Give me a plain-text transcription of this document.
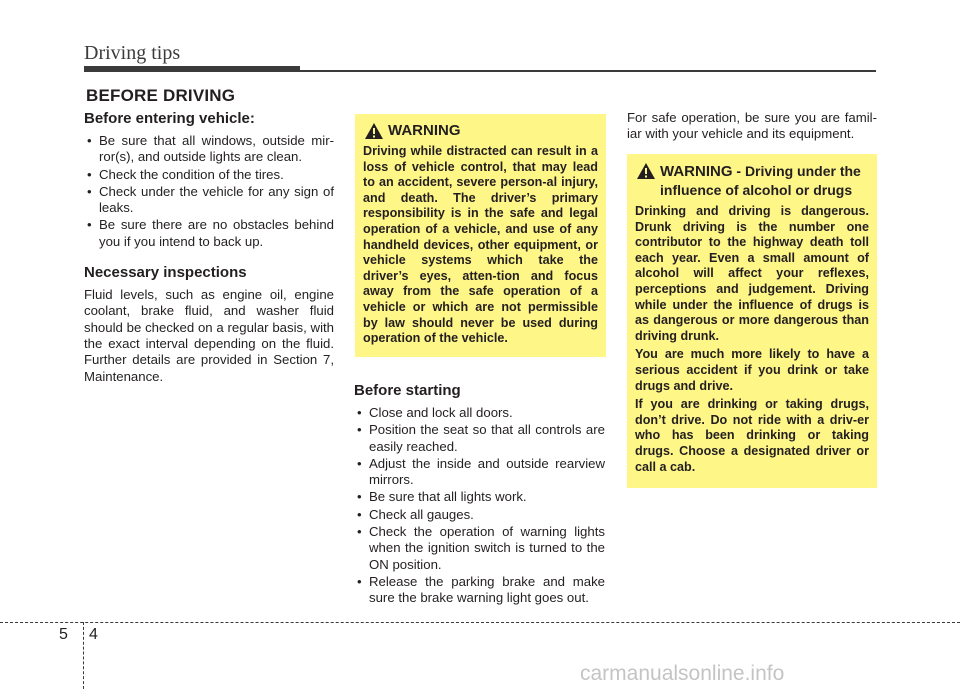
Driving tips
BEFORE DRIVING
Before entering vehicle:
• Be sure that all windows, outside mir-ror(s), and outside lights are clean.
• Check the condition of the tires.
• Check under the vehicle for any sign of leaks.
• Be sure there are no obstacles behind you if you intend to back up.
Necessary inspections

Fluid levels, such as engine oil, engine coolant, brake fluid, and washer fluid should be checked on a regular basis, with the exact interval depending on the fluid. Further details are provided in Section 7, Maintenance.

WARNING
Driving while distracted can result in a loss of vehicle control, that may lead to an accident, severe person-al injury, and death. The driver’s primary responsibility is in the safe and legal operation of a vehicle, and use of any handheld devices, other equipment, or vehicle systems which take the driver’s eyes, atten-tion and focus away from the safe operation of a vehicle or which are not permissible by law should never be used during operation of the vehicle.
Before starting
• Close and lock all doors.
• Position the seat so that all controls are easily reached.
• Adjust the inside and outside rearview mirrors.
• Be sure that all lights work.
• Check all gauges.
• Check the operation of warning lights when the ignition switch is turned to the ON position.
• Release the parking brake and make sure the brake warning light goes out.

For safe operation, be sure you are famil-iar with your vehicle and its equipment.

WARNING - Driving under the influence of alcohol or drugs

Drinking and driving is dangerous. Drunk driving is the number one contributor to the highway death toll each year. Even a small amount of alcohol will affect your reflexes, perceptions and judgement. Driving while under the influence of drugs is as dangerous or more dangerous than driving drunk.

You are much more likely to have a serious accident if you drink or take drugs and drive.

If you are drinking or taking drugs, don’t drive. Do not ride with a driv-er who has been drinking or taking drugs. Choose a designated driver or call a cab.

5 4
carmanualsonline.info
